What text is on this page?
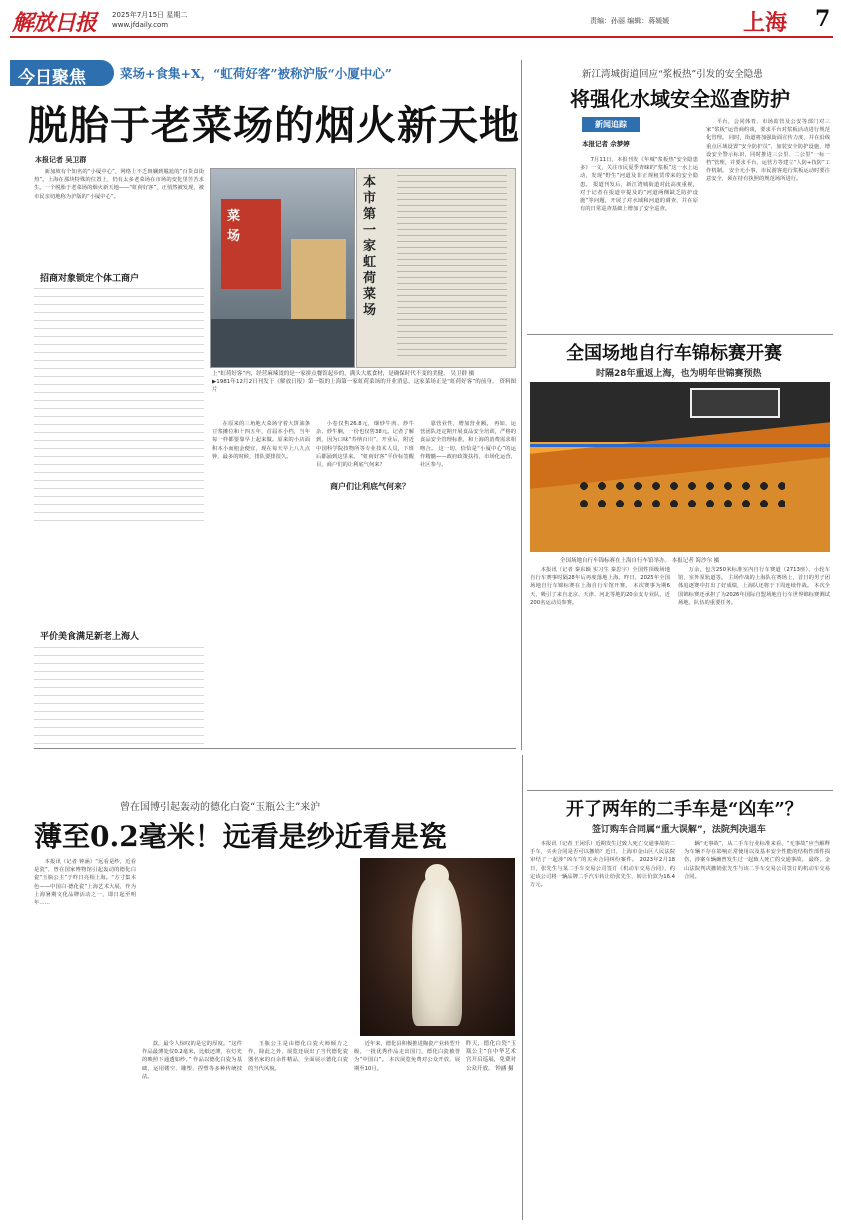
解放日报 2025年7月15日 星期二
www.jfdaily.com	责编：孙丽 编辑：蒋媛媛	上海 7
今日聚焦	菜场+食集+X，“虹荷好客”被称沪版“小厦中心”
脱胎于老菜场的烟火新天地
本报记者 吴卫群
菜
场
本
市
第
一
家
虹
荷
菜
场
上“虹荷好客”内，经营麻辣烫的是一家拼点餐馆起步的，满头大底食材，是确保时代不变的美健。 吴卫群 摄
▶1981年12月2日刊发于《解放日报》第一版的上海第一家虹荷菜场的开业消息，这家菜场正是“虹荷好客”的前身。 资料图片

新加坡有个知名的“小厦中心”，网络上不乏斑斓到尴尬的“百货食街热”。上海在那块特殊的位置上，仍有太多老菜场在市场的变化里苦苦求生。一个脱胎于老菜场的烟火新天地——“虹荷好客”，正悄然被发现，被市民亲切地称为沪版的“小厦中心”。

招商对象锁定个体工商户
平价美食满足新老上海人

在原来的三角地大菜场守着大饼油条豆浆摊位和十四五年，首届本小档，当年每一样都要靠早上起来做。原来的小店面积本小而租金便宜，现在每天早上八九点钟，最多的时候，排队要排很久。

小卷仅售26.8元，烟炒牛肉、炒牛杂、炒牛腩，一份也仅售38元。记者了解到，因为口味“寿纳百川”，开业后，附近中国科学院技物所等专业技术人员，下班后都涌到这里来。 “虹荷好客”平价标签醒目，商户们的让利底气何来？

商户们让利底气何来？

靠营业性，增加营业额。 再如，运营团队还定期开展食品安全培训，严格的食品安全管理标准，和上海的消费需求相吻合。 这一切，恰恰是“小厦中心”的运作精髓——政府政策扶持，市场化运营，社区参与。

新江湾城街道回应“浆板热”引发的安全隐患
将强化水域安全巡查防护
新闻追踪
本报记者 佘梦婷

7月11日，本报刊发《年城“浆板热”安全隐患多》一文，关注市民夏季青睐的“浆板”这一水上运动，发现“野生”河道及非正规租赁带来的安全隐患。 报道刊发后，新江湾城街道对此高度重视，对于记者在报道中提及的“河道两侧缺乏防护设施”等问题，开展了对水域和河道的调查，并在原有的日常巡查基础上增加了安全巡查。

平台，会同体育、市场监管及公安等部门对三家“浆板”运营商约谈，要求平台对浆板活动进行规范化管理。 同时，街道将加强街面宣传力度，并在沿线重点区域设置“安全防护员”，加装安全防护设施，增设安全警示标识，同时推进三公里、二公里“一标一档”管理，并要求平台、运营方等建立“人防+技防”工作机制。 安全无小事，市民游客进行浆板运动时要注意安全，须在持有执照的规范场所进行。

全国场地自行车锦标赛开赛
时隔28年重返上海，也为明年世锦赛预热
全国场地自行车锦标赛在上海自行车馆举办。 本报记者 海沙尔 摄

本报讯（记者 秦东颖 实习生 秦思宇）全国性顶级场地自行车赛事时隔28年后再度落地上海。昨日，2025年全国场地自行车锦标赛在上海自行车馆开赛。 本次赛事为期6天，吸引了来自北京、天津、河北等地的20余支专业队，近200名运动员参赛。

万余，包含250米标准室内自行车赛道（2713座）、小轮车馆、室外泵轨道等。 主场作战的上海队在赛场上，首日的男子团体追逐赛中打出了好成绩，上海队还将于下周连续作战。 本次全国锦标赛还承担了为2026年国际自盟场地自行车世界锦标赛测试场地、队伍的重要任务。

开了两年的二手车是“凶车”？
签订购车合同属“重大误解”，法院判决退车

本报讯（记者 王闲乐）近期发生过致人死亡交通事故的二手车，买卖合同是否可以撤销？近日，上海市金山区人民法院审结了一起涉“凶车”的买卖合同纠纷案件。 2023年2月18日，张先生与某二手车交易公司签订《机动车交易合同》，约定该公司将一辆品牌二手汽车转让给张先生，转让价款为16.4万元。

辆“无事故”，从二手车行业标准来看，“无事故”应当解释为车辆不存在影响正常使用以及基本安全性能的结构性部件损伤，涉案车辆确曾发生过一起致人死亡的交通事故。 最终，金山法院判决撤销张先生与该二手车交易公司签订的机动车交易合同。

曾在国博引起轰动的德化白瓷“玉瓶公主”来沪
薄至0.2毫米！远看是纱近看是瓷
昨天，德化白瓷“玉瓶公主”在中华艺术宫开启巡展，免费对公众开放。 钟涵 摄

本报讯（记者 钟涵）“远看是纱，近看是瓷”，曾在国家博物馆引起轰动的德化白瓷“玉瓶公主”于昨日亮相上海。“方寸集本色——中国白·德化瓷”上海艺术大展，作为上海暑期文化品牌活动之一，即日起至明年……

款，最令人惊叹的是它的厚度。“这件作品最薄处仅0.2毫米，比纸还薄，在灯光的映照下通透如纱。” 作品以德化白瓷为基础，运用镂空、雕塑、捏塑等多种传统技法。

玉瓶公主是由德化白瓷大师倾力之作，除此之外，展览还展出了当代德化瓷器名家的百余件精品，全面展示德化白瓷的当代风貌。

近年来，德化县积极推进陶瓷产业转型升级，一批优秀作品走出国门，德化白瓷被誉为“中国白”。 本次展览免费对公众开放，展期至10月。
